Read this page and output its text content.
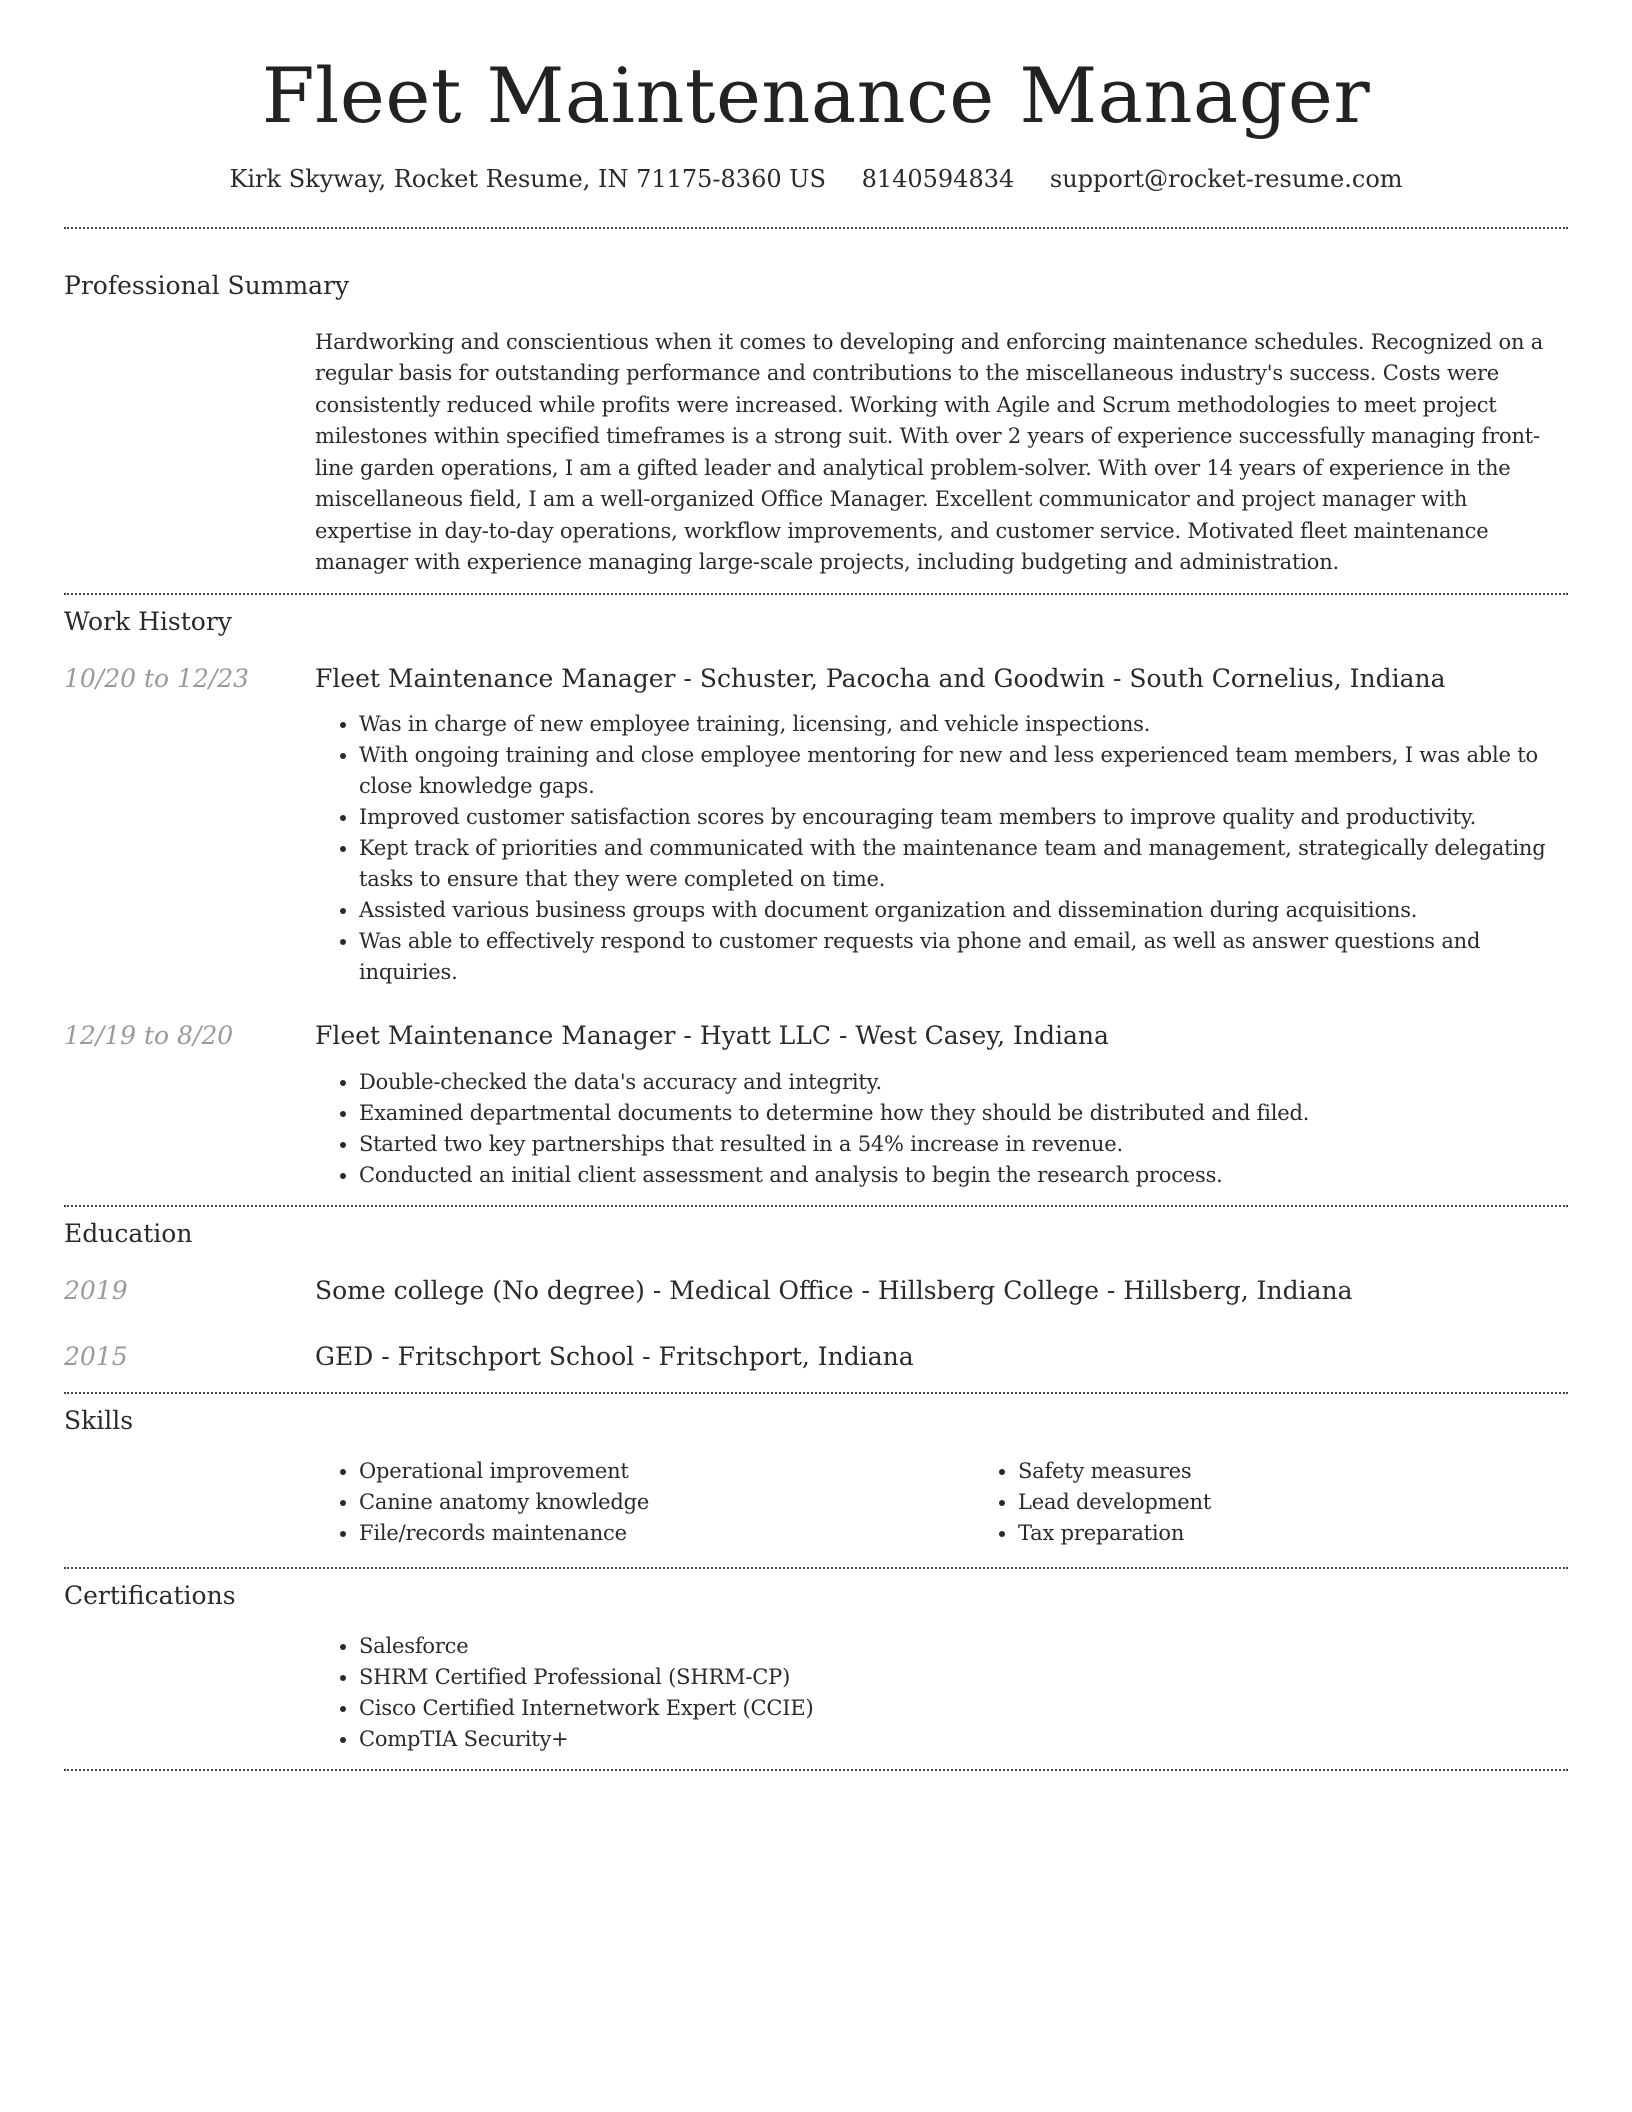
Fleet Maintenance Manager
Kirk Skyway, Rocket Resume, IN 71175-8360 US 8140594834 support@rocket-resume.com
Professional Summary

Hardworking and conscientious when it comes to developing and enforcing maintenance schedules. Recognized on a regular basis for outstanding performance and contributions to the miscellaneous industry's success. Costs were consistently reduced while profits were increased. Working with Agile and Scrum methodologies to meet project milestones within specified timeframes is a strong suit. With over 2 years of experience successfully managing front-line garden operations, I am a gifted leader and analytical problem-solver. With over 14 years of experience in the miscellaneous field, I am a well-organized Office Manager. Excellent communicator and project manager with expertise in day-to-day operations, workflow improvements, and customer service. Motivated fleet maintenance manager with experience managing large-scale projects, including budgeting and administration.

Work History
10/20 to 12/23	Fleet Maintenance Manager - Schuster, Pacocha and Goodwin - South Cornelius, Indiana
• Was in charge of new employee training, licensing, and vehicle inspections.
• With ongoing training and close employee mentoring for new and less experienced team members, I was able to close knowledge gaps.
• Improved customer satisfaction scores by encouraging team members to improve quality and productivity.
• Kept track of priorities and communicated with the maintenance team and management, strategically delegating tasks to ensure that they were completed on time.
• Assisted various business groups with document organization and dissemination during acquisitions.
• Was able to effectively respond to customer requests via phone and email, as well as answer questions and inquiries.
12/19 to 8/20	Fleet Maintenance Manager - Hyatt LLC - West Casey, Indiana
• Double-checked the data's accuracy and integrity.
• Examined departmental documents to determine how they should be distributed and filed.
• Started two key partnerships that resulted in a 54% increase in revenue.
• Conducted an initial client assessment and analysis to begin the research process.
Education
2019	Some college (No degree) - Medical Office - Hillsberg College - Hillsberg, Indiana
2015	GED - Fritschport School - Fritschport, Indiana
Skills
• Operational improvement
• Canine anatomy knowledge
• File/records maintenance
• Safety measures
• Lead development
• Tax preparation
Certifications
• Salesforce
• SHRM Certified Professional (SHRM-CP)
• Cisco Certified Internetwork Expert (CCIE)
• CompTIA Security+
